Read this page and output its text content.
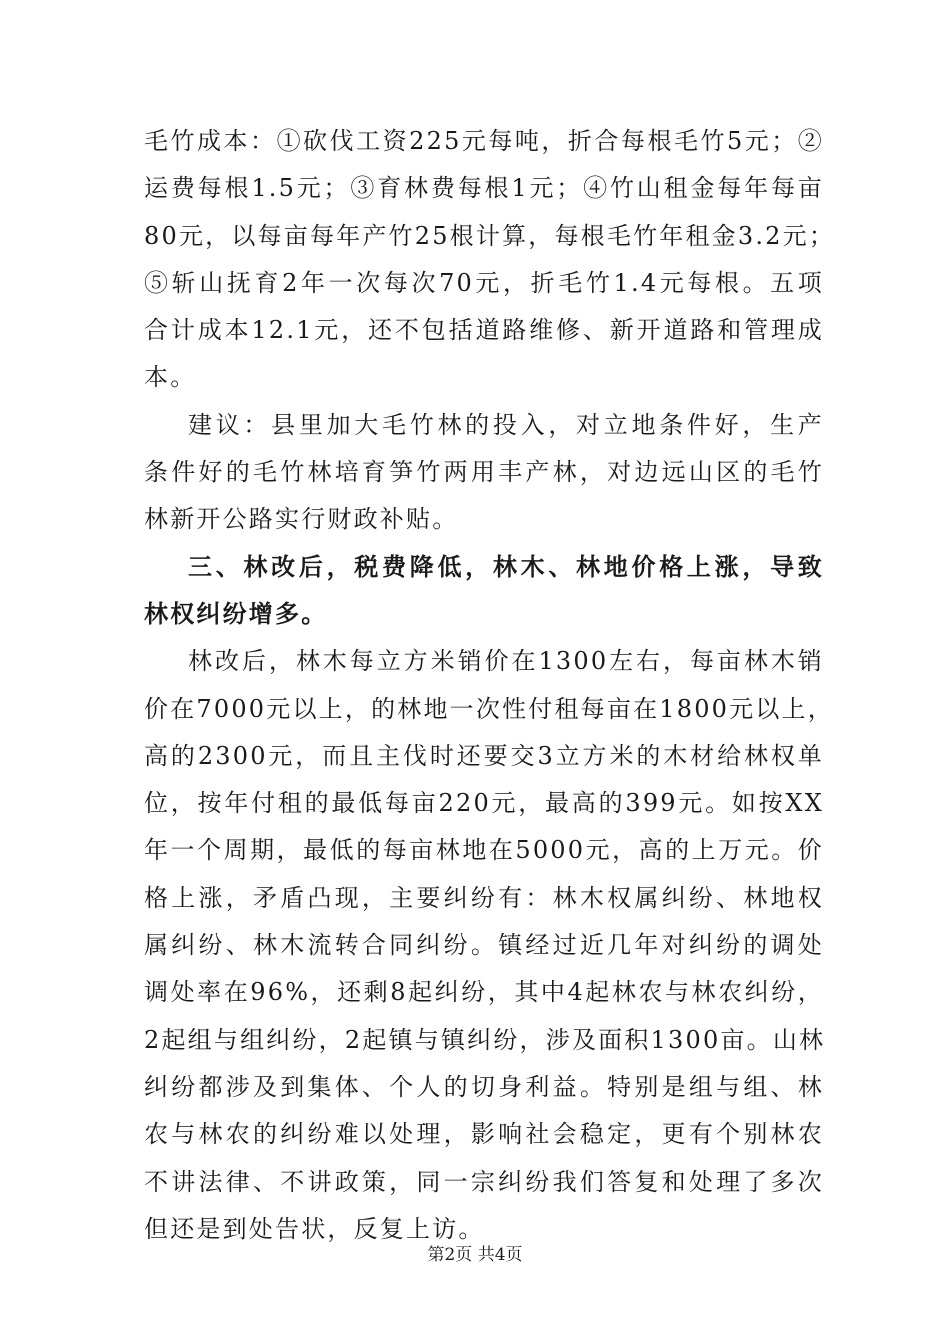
毛竹成本：①砍伐工资225元每吨，折合每根毛竹5元；②
运费每根1.5元；③育林费每根1元；④竹山租金每年每亩
80元，以每亩每年产竹25根计算，每根毛竹年租金3.2元；
⑤斩山抚育2年一次每次70元，折毛竹1.4元每根。五项
合计成本12.1元，还不包括道路维修、新开道路和管理成
本。
建议：县里加大毛竹林的投入，对立地条件好，生产
条件好的毛竹林培育笋竹两用丰产林，对边远山区的毛竹
林新开公路实行财政补贴。
三、林改后，税费降低，林木、林地价格上涨，导致
林权纠纷增多。
林改后，林木每立方米销价在1300左右，每亩林木销
价在7000元以上，的林地一次性付租每亩在1800元以上，
高的2300元，而且主伐时还要交3立方米的木材给林权单
位，按年付租的最低每亩220元，最高的399元。如按XX
年一个周期，最低的每亩林地在5000元，高的上万元。价
格上涨，矛盾凸现，主要纠纷有：林木权属纠纷、林地权
属纠纷、林木流转合同纠纷。镇经过近几年对纠纷的调处
调处率在96%，还剩8起纠纷，其中4起林农与林农纠纷，
2起组与组纠纷，2起镇与镇纠纷，涉及面积1300亩。山林
纠纷都涉及到集体、个人的切身利益。特别是组与组、林
农与林农的纠纷难以处理，影响社会稳定，更有个别林农
不讲法律、不讲政策，同一宗纠纷我们答复和处理了多次
但还是到处告状，反复上访。
第2页 共4页
